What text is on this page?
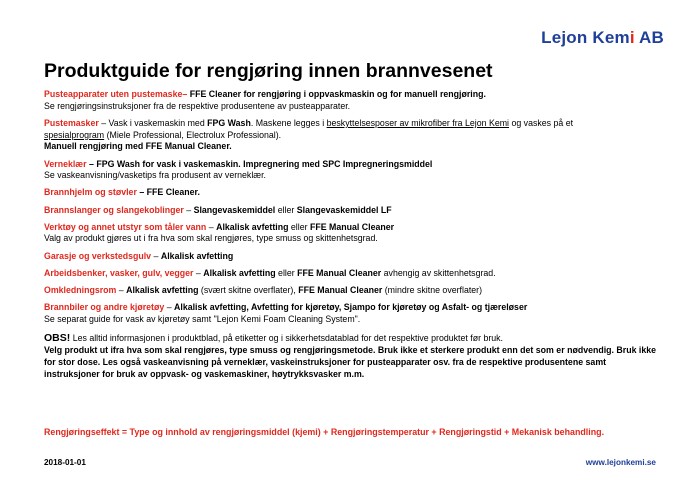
Lejon Kemi AB
Produktguide for rengjøring innen brannvesenet

Pusteapparater uten pustemaske– FFE Cleaner for rengjøring i oppvaskmaskin og for manuell rengjøring.
Se rengjøringsinstruksjoner fra de respektive produsentene av pusteapparater.

Pustemasker – Vask i vaskemaskin med FPG Wash. Maskene legges i beskyttelsesposer av mikrofiber fra Lejon Kemi og vaskes på et
spesialprogram (Miele Professional, Electrolux Professional).
Manuell rengjøring med FFE Manual Cleaner.

Verneklær – FPG Wash for vask i vaskemaskin. Impregnering med SPC Impregneringsmiddel
Se vaskeanvisning/vasketips fra produsent av verneklær.

Brannhjelm og støvler – FFE Cleaner.

Brannslanger og slangekoblinger – Slangevaskemiddel eller Slangevaskemiddel LF

Verktøy og annet utstyr som tåler vann – Alkalisk avfetting eller FFE Manual Cleaner
Valg av produkt gjøres ut i fra hva som skal rengjøres, type smuss og skittenhetsgrad.

Garasje og verkstedsgulv – Alkalisk avfetting

Arbeidsbenker, vasker, gulv, vegger – Alkalisk avfetting eller FFE Manual Cleaner avhengig av skittenhetsgrad.

Omkledningsrom – Alkalisk avfetting (svært skitne overflater), FFE Manual Cleaner (mindre skitne overflater)

Brannbiler og andre kjøretøy – Alkalisk avfetting, Avfetting for kjøretøy, Sjampo for kjøretøy og Asfalt- og tjæreløser
Se separat guide for vask av kjøretøy samt "Lejon Kemi Foam Cleaning System".

OBS! Les alltid informasjonen i produktblad, på etiketter og i sikkerhetsdatablad for det respektive produktet før bruk.
Velg produkt ut ifra hva som skal rengjøres, type smuss og rengjøringsmetode. Bruk ikke et sterkere produkt enn det som er nødvendig. Bruk ikke for stor dose. Les også vaskeanvisning på verneklær, vaskeinstruksjoner for pusteapparater osv. fra de respektive produsentene samt instruksjoner for bruk av oppvask- og vaskemaskiner, høytrykksvasker m.m.

Rengjøringseffekt = Type og innhold av rengjøringsmiddel (kjemi) + Rengjøringstemperatur + Rengjøringstid + Mekanisk behandling.
2018-01-01	www.lejonkemi.se
